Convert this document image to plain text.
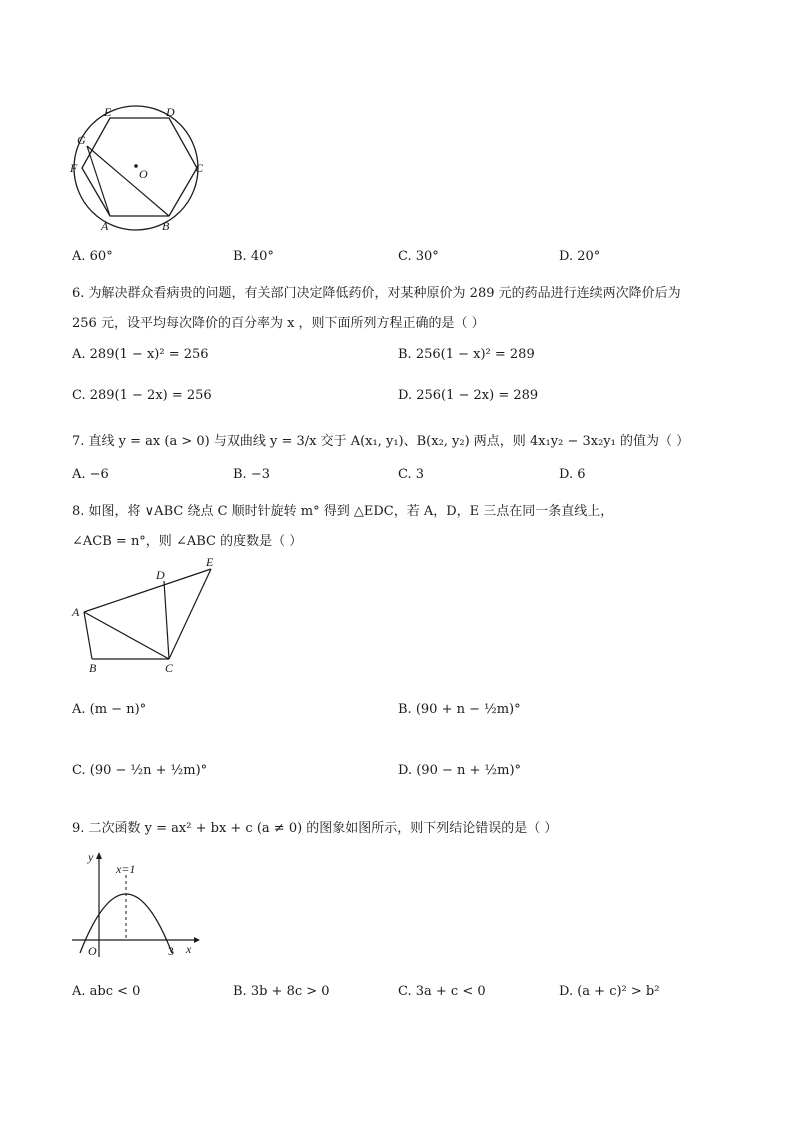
E	D
G
F	O	C
A	B
A. 60°	B. 40°	C. 30°	D. 20°
6. 为解决群众看病贵的问题，有关部门决定降低药价，对某种原价为 289 元的药品进行连续两次降价后为
256 元，设平均每次降价的百分率为 x ，则下面所列方程正确的是（ ）
A. 289(1 − x)² = 256	B. 256(1 − x)² = 289
C. 289(1 − 2x) = 256	D. 256(1 − 2x) = 289
7. 直线 y = ax (a > 0) 与双曲线 y = 3/x 交于 A(x₁, y₁)、B(x₂, y₂) 两点，则 4x₁y₂ − 3x₂y₁ 的值为（ ）
A. −6	B. −3	C. 3	D. 6
8. 如图，将 ∨ABC 绕点 C 顺时针旋转 m° 得到 △EDC，若 A，D，E 三点在同一条直线上，
∠ACB = n°，则 ∠ABC 的度数是（ ）
A
B	C
D
E
A. (m − n)°	B. (90 + n − ½m)°
C. (90 − ½n + ½m)°	D. (90 − n + ½m)°
9. 二次函数 y = ax² + bx + c (a ≠ 0) 的图象如图所示，则下列结论错误的是（ ）
y
x=1
O	3 x
A. abc < 0	B. 3b + 8c > 0	C. 3a + c < 0	D. (a + c)² > b²
